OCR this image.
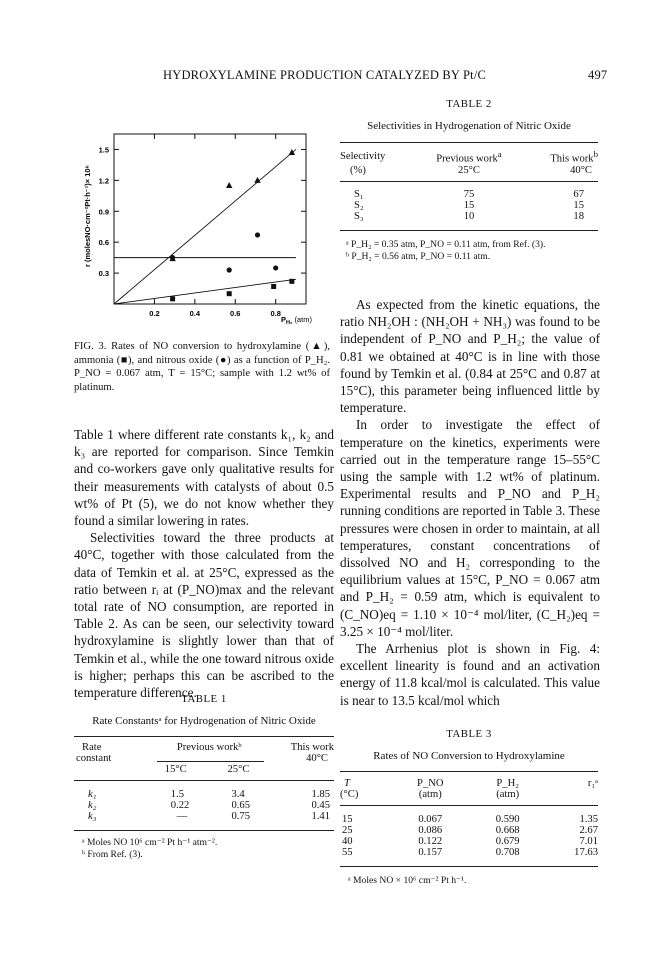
HYDROXYLAMINE PRODUCTION CATALYZED BY Pt/C	497
0.2	0.4	0.6	0.8
1.5
1.2
0.9
0.6
0.3
r (molesNO·cm⁻²Pt·h⁻¹)× 10⁶
$P_{H_2}$ (atm)
FIG. 3. Rates of NO conversion to hydroxylamine (▲), ammonia (■), and nitrous oxide (●) as a function of P_H₂. P_NO = 0.067 atm, T = 15°C; sample with 1.2 wt% of platinum.

Table 1 where different rate constants k₁, k₂ and k₃ are reported for comparison. Since Temkin and co-workers gave only qualitative results for their measurements with catalysts of about 0.5 wt% of Pt (5), we do not know whether they found a similar lowering in rates.

Selectivities toward the three products at 40°C, together with those calculated from the data of Temkin et al. at 25°C, expressed as the ratio between rᵢ at (P_NO)max and the relevant total rate of NO consumption, are reported in Table 2. As can be seen, our selectivity toward hydroxylamine is slightly lower than that of Temkin et al., while the one toward nitrous oxide is higher; perhaps this can be ascribed to the temperature difference.

TABLE 2
Selectivities in Hydrogenation of Nitric Oxide
Selectivity	Previous work$^a$	This work$^b$
(%)	25°C	40°C

S₁	75	67
S₂	15	15
S₃	10	18
ᵃ P_H₂ = 0.35 atm, P_NO = 0.11 atm, from Ref. (3).
ᵇ P_H₂ = 0.56 atm, P_NO = 0.11 atm.

As expected from the kinetic equations, the ratio NH₂OH : (NH₂OH + NH₃) was found to be independent of P_NO and P_H₂; the value of 0.81 we obtained at 40°C is in line with those found by Temkin et al. (0.84 at 25°C and 0.87 at 15°C), this parameter being influenced little by temperature.

In order to investigate the effect of temperature on the kinetics, experiments were carried out in the temperature range 15–55°C using the sample with 1.2 wt% of platinum. Experimental results and P_NO and P_H₂ running conditions are reported in Table 3. These pressures were chosen in order to maintain, at all temperatures, constant concentrations of dissolved NO and H₂ corresponding to the equilibrium values at 15°C, P_NO = 0.067 atm and P_H₂ = 0.59 atm, which is equivalent to (C_NO)eq = 1.10 × 10⁻⁴ mol/liter, (C_H₂)eq = 3.25 × 10⁻⁴ mol/liter.

The Arrhenius plot is shown in Fig. 4: excellent linearity is found and an activation energy of 11.8 kcal/mol is calculated. This value is near to 13.5 kcal/mol which

TABLE 1
Rate Constantsᵃ for Hydrogenation of Nitric Oxide
Rate	Previous workᵇ		This work
constant			40°C
	15°C	25°C	

k₁	1.5	3.4	1.85
k₂	0.22	0.65	0.45
k₃	—	0.75	1.41
ᵃ Moles NO 10⁶ cm⁻² Pt h⁻¹ atm⁻².
ᵇ From Ref. (3).
TABLE 3
Rates of NO Conversion to Hydroxylamine
T	P_NO	P_H₂	r₁ᵃ
(°C)	(atm)	(atm)	

15	0.067	0.590	1.35
25	0.086	0.668	2.67
40	0.122	0.679	7.01
55	0.157	0.708	17.63
ᵃ Moles NO × 10⁶ cm⁻² Pt h⁻¹.
